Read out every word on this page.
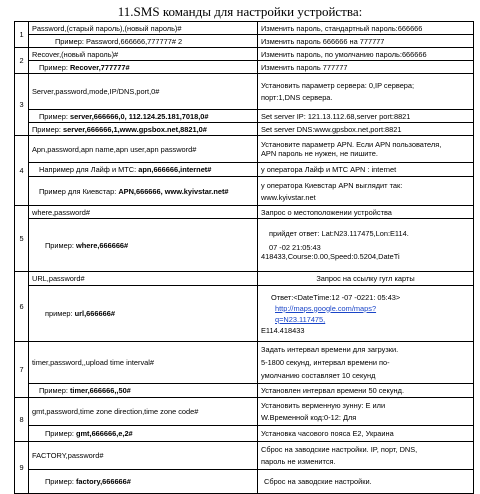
11.SMS команды для настройки устройства:
1	Password,(старый пароль),(новый пароль)#	Изменить пароль, стандартный пароль:666666
	Пример: Password,666666,777777# 2	Изменить пароль 666666 на 777777
2	Recover,(новый пароль)#	Изменить пароль, по умолчанию пароль:666666
	Пример: Recover,777777#	Изменить пароль 777777
3	Server,password,mode,IP/DNS,port,0#	Установить параметр сервера: 0,IP сервера;
порт:1,DNS сервера.

	Пример: server,666666,0, 112.124.25.181,7018,0#	Set server IP: 121.13.112.68,server port:8821
	Пример: server,666666,1,www.gpsbox.net,8821,0#	Set server DNS:www.gpsbox.net,port:8821
4	Apn,password,apn name,apn user,apn password#	Установите параметр APN. Если APN пользователя,
APN пароль не нужен, не пишите.

	Например для Лайф и МТС: apn,666666,internet#	у оператора Лайф и МТС APN : internet
	Пример для Киевстар: APN,666666, www.kyivstar.net#	у оператора Киевстар APN выглядит так:
www.kyivstar.net

5	where,password#	Запрос о местоположении устройства
	Пример: where,666666#	прийдет ответ: Lat:N23.117475,Lon:E114.
07 -02 21:05:43
418433,Course:0.00,Speed:0.5204,DateTi

6	URL,password#	Запрос на ссылку гугл карты
	пример: url,666666#	Ответ:<DateTime:12 -07 -0221: 05:43>
http://maps.google.com/maps?
q=N23.117475,
E114.418433

7	timer,password,,upload time interval#	Задать интервал времени для загрузки.
5-1800 секунд, интервал времени по-
умолчанию составляет 10 секунд

	Пример: timer,666666,,50#	Установлен интервал времени 50 секунд.
8	gmt,password,time zone direction,time zone code#	Установить верменную зунну: E или
W.Временной код:0-12: Для

	Пример: gmt,666666,e,2#	Установка часового пояса Е2, Украина
9	FACTORY,password#	Сброс на заводские настройки. IP, порт, DNS,
пароль не изменится.

	Пример: factory,666666#	Сброс на заводские настройки.
